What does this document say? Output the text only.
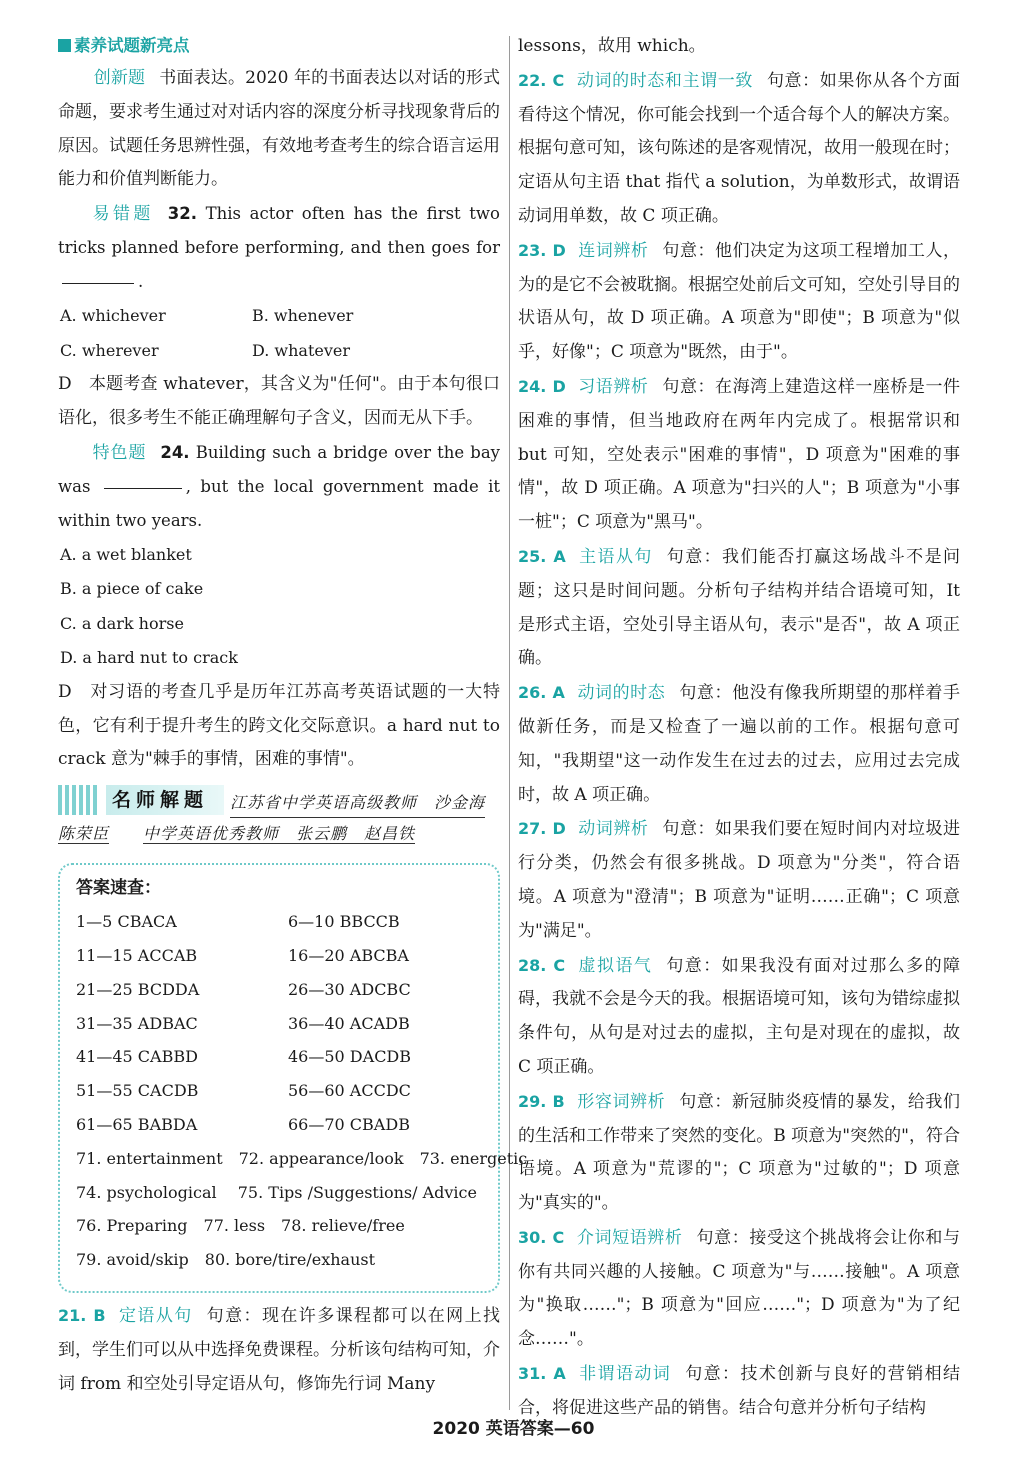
素养试题新亮点
创新题 书面表达。2020 年的书面表达以对话的形式命题，要求考生通过对对话内容的深度分析寻找现象背后的原因。试题任务思辨性强，有效地考查考生的综合语言运用能力和价值判断能力。
易错题 32. This actor often has the first two tricks planned before performing, and then goes for.
A. whichever	B. whenever
C. wherever	D. whatever
D　本题考查 whatever，其含义为"任何"。由于本句很口语化，很多考生不能正确理解句子含义，因而无从下手。
特色题 24. Building such a bridge over the bay was	, but the local government made it within two years.
A. a wet blanket
B. a piece of cake
C. a dark horse
D. a hard nut to crack
D　对习语的考查几乎是历年江苏高考英语试题的一大特色，它有利于提升考生的跨文化交际意识。a hard nut to crack 意为"棘手的事情，困难的事情"。
名师解题	江苏省中学英语高级教师　沙金海
陈荣臣　　 中学英语优秀教师　张云鹏　赵昌铁
答案速查：
1—5 CBACA	6—10 BBCCB
11—15 ACCAB	16—20 ABCBA
21—25 BCDDA	26—30 ADCBC
31—35 ADBAC	36—40 ACADB
41—45 CABBD	46—50 DACDB
51—55 CACDB	56—60 ACCDC
61—65 BABDA	66—70 CBADB
71. entertainment　72. appearance/look　73. energetic
74. psychological　 75. Tips /Suggestions/ Advice
76. Preparing　77. less　78. relieve/free
79. avoid/skip　80. bore/tire/exhaust
21. B 定语从句 句意：现在许多课程都可以在网上找到，学生们可以从中选择免费课程。分析该句结构可知，介词 from 和空处引导定语从句，修饰先行词 Many
lessons，故用 which。
22. C 动词的时态和主谓一致 句意：如果你从各个方面看待这个情况，你可能会找到一个适合每个人的解决方案。根据句意可知，该句陈述的是客观情况，故用一般现在时；定语从句主语 that 指代 a solution，为单数形式，故谓语动词用单数，故 C 项正确。
23. D 连词辨析 句意：他们决定为这项工程增加工人，为的是它不会被耽搁。根据空处前后文可知，空处引导目的状语从句，故 D 项正确。A 项意为"即使"；B 项意为"似乎，好像"；C 项意为"既然，由于"。
24. D 习语辨析 句意：在海湾上建造这样一座桥是一件困难的事情，但当地政府在两年内完成了。根据常识和 but 可知，空处表示"困难的事情"，D 项意为"困难的事情"，故 D 项正确。A 项意为"扫兴的人"；B 项意为"小事一桩"；C 项意为"黑马"。
25. A 主语从句 句意：我们能否打赢这场战斗不是问题；这只是时间问题。分析句子结构并结合语境可知，It 是形式主语，空处引导主语从句，表示"是否"，故 A 项正确。
26. A 动词的时态 句意：他没有像我所期望的那样着手做新任务，而是又检查了一遍以前的工作。根据句意可知，"我期望"这一动作发生在过去的过去，应用过去完成时，故 A 项正确。
27. D 动词辨析 句意：如果我们要在短时间内对垃圾进行分类，仍然会有很多挑战。D 项意为"分类"，符合语境。A 项意为"澄清"；B 项意为"证明……正确"；C 项意为"满足"。
28. C 虚拟语气 句意：如果我没有面对过那么多的障碍，我就不会是今天的我。根据语境可知，该句为错综虚拟条件句，从句是对过去的虚拟，主句是对现在的虚拟，故 C 项正确。
29. B 形容词辨析 句意：新冠肺炎疫情的暴发，给我们的生活和工作带来了突然的变化。B 项意为"突然的"，符合语境。A 项意为"荒谬的"；C 项意为"过敏的"；D 项意为"真实的"。
30. C 介词短语辨析 句意：接受这个挑战将会让你和与你有共同兴趣的人接触。C 项意为"与……接触"。A 项意为"换取……"；B 项意为"回应……"；D 项意为"为了纪念……"。
31. A 非谓语动词 句意：技术创新与良好的营销相结合，将促进这些产品的销售。结合句意并分析句子结构
2020 英语答案—60
